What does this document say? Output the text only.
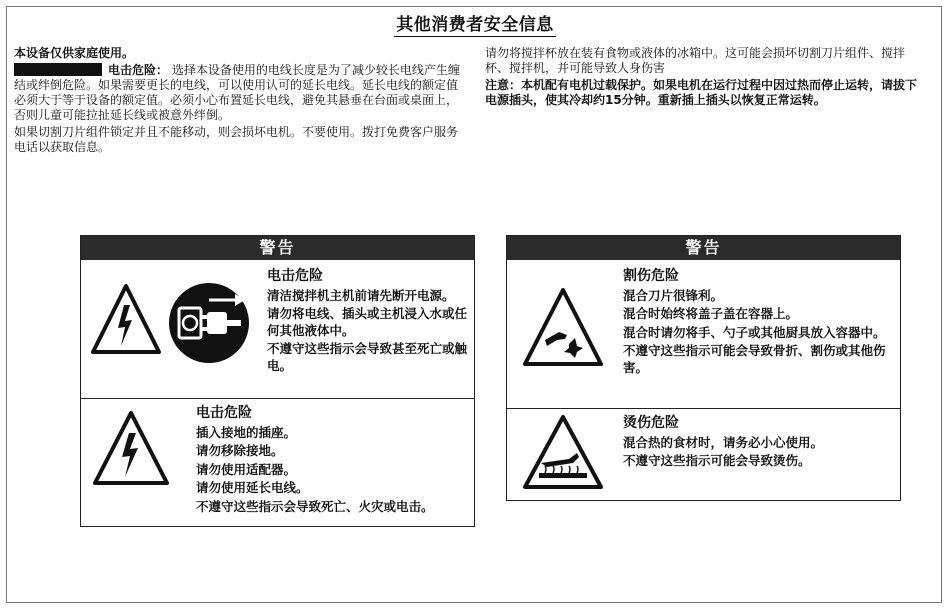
其他消费者安全信息

本设备仅供家庭使用。

电击危险： 选择本设备使用的电线长度是为了减少较长电线产生缠结或绊倒危险。如果需要更长的电线，可以使用认可的延长电线。延长电线的额定值必须大于等于设备的额定值。必须小心布置延长电线，避免其悬垂在台面或桌面上，否则儿童可能拉扯延长线或被意外绊倒。

如果切割刀片组件锁定并且不能移动，则会损坏电机。不要使用。拨打免费客户服务电话以获取信息。

请勿将搅拌杯放在装有食物或液体的冰箱中。这可能会损坏切割刀片组件、搅拌杯、搅拌机，并可能导致人身伤害

注意：本机配有电机过载保护。如果电机在运行过程中因过热而停止运转，请拔下电源插头，使其冷却约15分钟。重新插上插头以恢复正常运转。

警告
电击危险

清洁搅拌机主机前请先断开电源。

请勿将电线、插头或主机浸入水或任何其他液体中。

不遵守这些指示会导致甚至死亡或触电。

电击危险

插入接地的插座。

请勿移除接地。

请勿使用适配器。

请勿使用延长电线。

不遵守这些指示会导致死亡、火灾或电击。

警告
割伤危险

混合刀片很锋利。

混合时始终将盖子盖在容器上。

混合时请勿将手、勺子或其他厨具放入容器中。

不遵守这些指示可能会导致骨折、割伤或其他伤害。

烫伤危险

混合热的食材时，请务必小心使用。

不遵守这些指示可能会导致烫伤。
